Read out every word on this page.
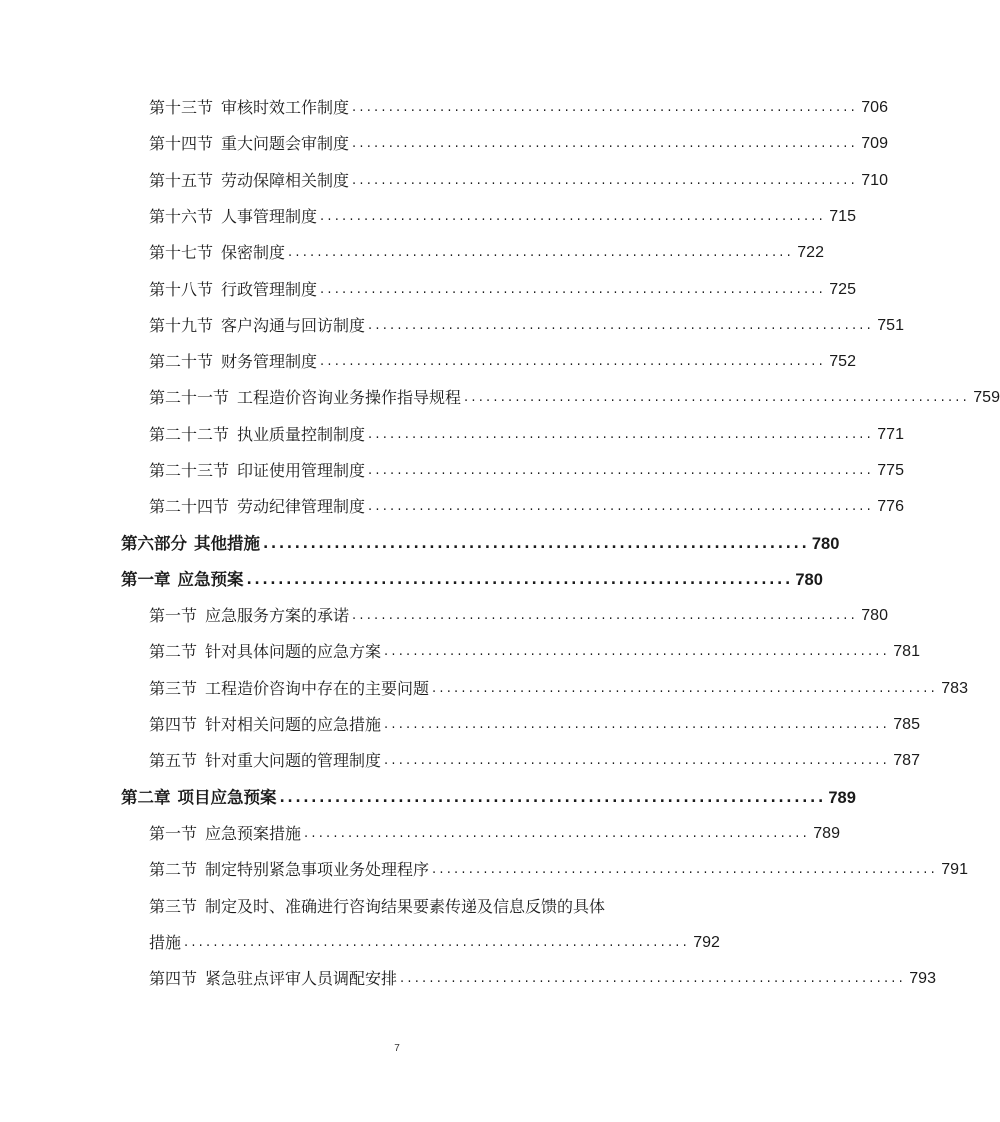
第十三节 审核时效工作制度 ..................................................................... 706
第十四节 重大问题会审制度 ..................................................................... 709
第十五节 劳动保障相关制度 ..................................................................... 710
第十六节 人事管理制度 ..................................................................... 715
第十七节 保密制度 ..................................................................... 722
第十八节 行政管理制度 ..................................................................... 725
第十九节 客户沟通与回访制度 ..................................................................... 751
第二十节 财务管理制度 ..................................................................... 752
第二十一节 工程造价咨询业务操作指导规程 ..................................................................... 759
第二十二节 执业质量控制制度 ..................................................................... 771
第二十三节 印证使用管理制度 ..................................................................... 775
第二十四节 劳动纪律管理制度 ..................................................................... 776
第六部分 其他措施 ..................................................................... 780
第一章 应急预案 ..................................................................... 780
第一节 应急服务方案的承诺 ..................................................................... 780
第二节 针对具体问题的应急方案 ..................................................................... 781
第三节 工程造价咨询中存在的主要问题 ..................................................................... 783
第四节 针对相关问题的应急措施 ..................................................................... 785
第五节 针对重大问题的管理制度 ..................................................................... 787
第二章 项目应急预案 ..................................................................... 789
第一节 应急预案措施 ..................................................................... 789
第二节 制定特别紧急事项业务处理程序 ..................................................................... 791
第三节 制定及时、准确进行咨询结果要素传递及信息反馈的具体
措施 ..................................................................... 792
第四节 紧急驻点评审人员调配安排 ..................................................................... 793
7
